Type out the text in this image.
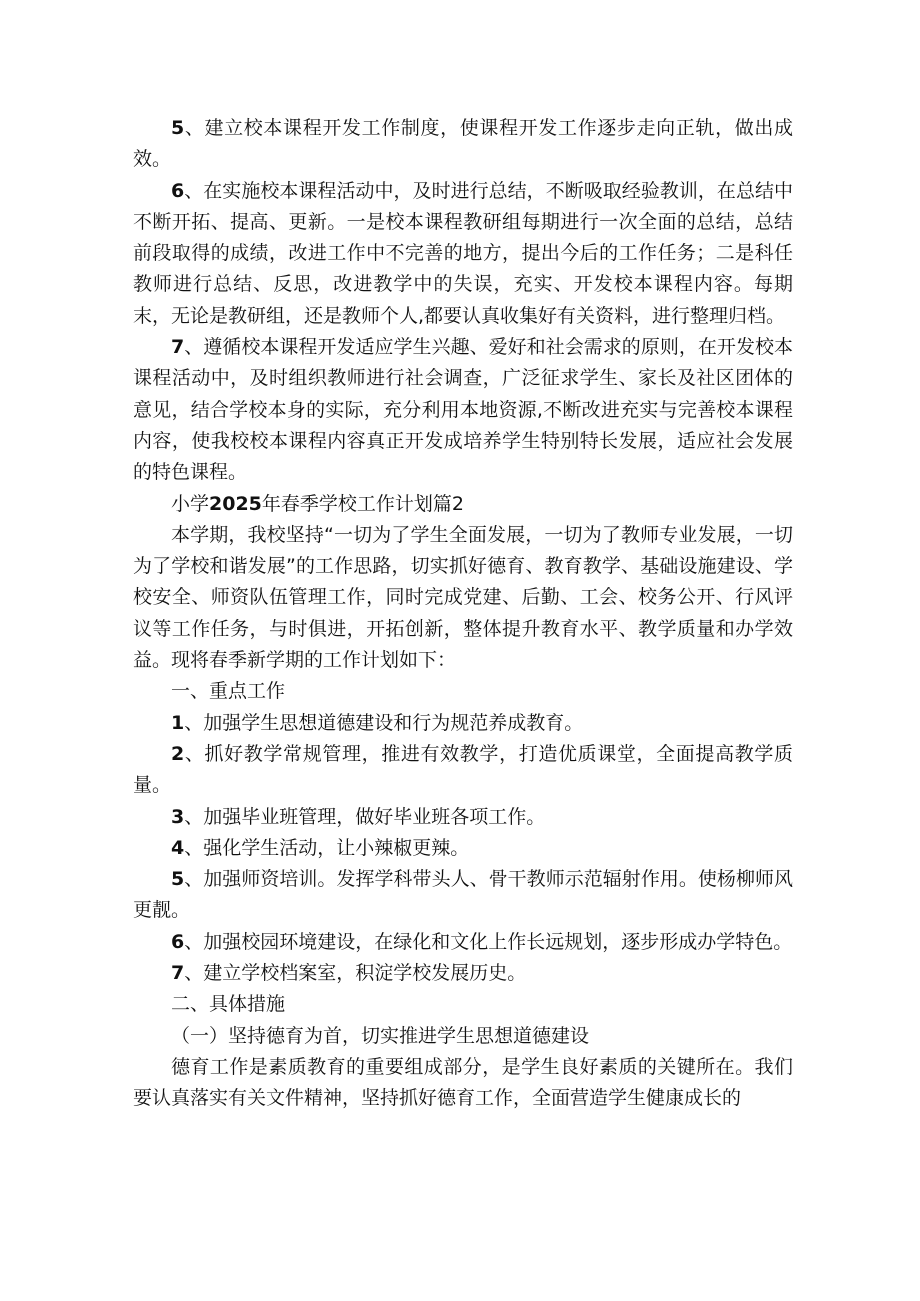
5、建立校本课程开发工作制度，使课程开发工作逐步走向正轨，做出成效。

6、在实施校本课程活动中，及时进行总结，不断吸取经验教训，在总结中不断开拓、提高、更新。一是校本课程教研组每期进行一次全面的总结，总结前段取得的成绩，改进工作中不完善的地方，提出今后的工作任务；二是科任教师进行总结、反思，改进教学中的失误，充实、开发校本课程内容。每期末，无论是教研组，还是教师个人,都要认真收集好有关资料，进行整理归档。

7、遵循校本课程开发适应学生兴趣、爱好和社会需求的原则，在开发校本课程活动中，及时组织教师进行社会调查，广泛征求学生、家长及社区团体的意见，结合学校本身的实际，充分利用本地资源,不断改进充实与完善校本课程内容，使我校校本课程内容真正开发成培养学生特别特长发展，适应社会发展的特色课程。

小学2025年春季学校工作计划篇2

本学期，我校坚持“一切为了学生全面发展，一切为了教师专业发展，一切为了学校和谐发展”的工作思路，切实抓好德育、教育教学、基础设施建设、学校安全、师资队伍管理工作，同时完成党建、后勤、工会、校务公开、行风评议等工作任务，与时俱进，开拓创新，整体提升教育水平、教学质量和办学效益。现将春季新学期的工作计划如下：

一、重点工作

1、加强学生思想道德建设和行为规范养成教育。

2、抓好教学常规管理，推进有效教学，打造优质课堂，全面提高教学质量。

3、加强毕业班管理，做好毕业班各项工作。

4、强化学生活动，让小辣椒更辣。

5、加强师资培训。发挥学科带头人、骨干教师示范辐射作用。使杨柳师风更靓。

6、加强校园环境建设，在绿化和文化上作长远规划，逐步形成办学特色。

7、建立学校档案室，积淀学校发展历史。

二、具体措施

（一）坚持德育为首，切实推进学生思想道德建设

德育工作是素质教育的重要组成部分，是学生良好素质的关键所在。我们要认真落实有关文件精神，坚持抓好德育工作，全面营造学生健康成长的
